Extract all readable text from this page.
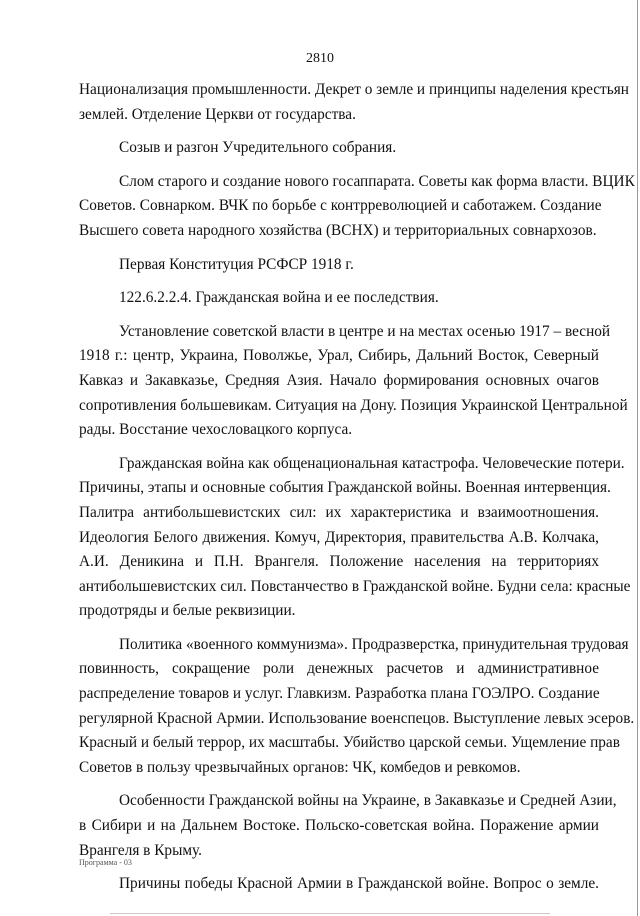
2810
Национализация промышленности. Декрет о земле и принципы наделения крестьян
землей. Отделение Церкви от государства.
Созыв и разгон Учредительного собрания.
Слом старого и создание нового госаппарата. Советы как форма власти. ВЦИК
Советов. Совнарком. ВЧК по борьбе с контрреволюцией и саботажем. Создание
Высшего совета народного хозяйства (ВСНХ) и территориальных совнархозов.
Первая Конституция РСФСР 1918 г.
122.6.2.2.4. Гражданская война и ее последствия.
Установление советской власти в центре и на местах осенью 1917 – весной
1918 г.: центр, Украина, Поволжье, Урал, Сибирь, Дальний Восток, Северный
Кавказ и Закавказье, Средняя Азия. Начало формирования основных очагов
сопротивления большевикам. Ситуация на Дону. Позиция Украинской Центральной
рады. Восстание чехословацкого корпуса.
Гражданская война как общенациональная катастрофа. Человеческие потери.
Причины, этапы и основные события Гражданской войны. Военная интервенция.
Палитра антибольшевистских сил: их характеристика и взаимоотношения.
Идеология Белого движения. Комуч, Директория, правительства А.В. Колчака,
А.И. Деникина и П.Н. Врангеля. Положение населения на территориях
антибольшевистских сил. Повстанчество в Гражданской войне. Будни села: красные
продотряды и белые реквизиции.
Политика «военного коммунизма». Продразверстка, принудительная трудовая
повинность, сокращение роли денежных расчетов и административное
распределение товаров и услуг. Главкизм. Разработка плана ГОЭЛРО. Создание
регулярной Красной Армии. Использование военспецов. Выступление левых эсеров.
Красный и белый террор, их масштабы. Убийство царской семьи. Ущемление прав
Советов в пользу чрезвычайных органов: ЧК, комбедов и ревкомов.
Особенности Гражданской войны на Украине, в Закавказье и Средней Азии,
в Сибири и на Дальнем Востоке. Польско-советская война. Поражение армии
Врангеля в Крыму.
Причины победы Красной Армии в Гражданской войне. Вопрос о земле.
Программа - 03
